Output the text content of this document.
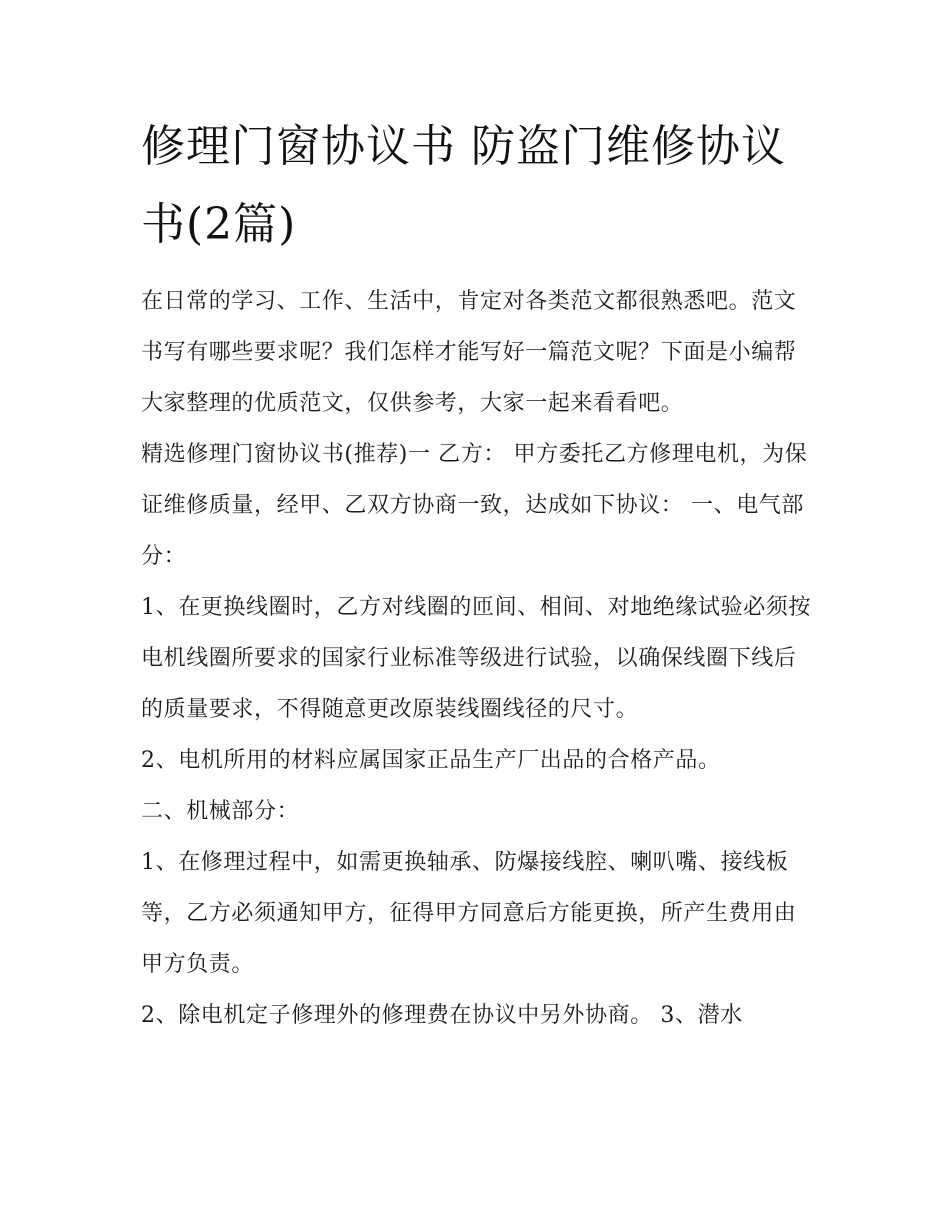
修理门窗协议书 防盗门维修协议书(2篇)

在日常的学习、工作、生活中，肯定对各类范文都很熟悉吧。范文书写有哪些要求呢？我们怎样才能写好一篇范文呢？下面是小编帮大家整理的优质范文，仅供参考，大家一起来看看吧。

精选修理门窗协议书(推荐)一 乙方： 甲方委托乙方修理电机，为保证维修质量，经甲、乙双方协商一致，达成如下协议： 一、电气部分：

1、在更换线圈时，乙方对线圈的匝间、相间、对地绝缘试验必须按电机线圈所要求的国家行业标准等级进行试验，以确保线圈下线后的质量要求，不得随意更改原装线圈线径的尺寸。

2、电机所用的材料应属国家正品生产厂出品的合格产品。

二、机械部分：

1、在修理过程中，如需更换轴承、防爆接线腔、喇叭嘴、接线板等，乙方必须通知甲方，征得甲方同意后方能更换，所产生费用由甲方负责。

2、除电机定子修理外的修理费在协议中另外协商。 3、潜水
